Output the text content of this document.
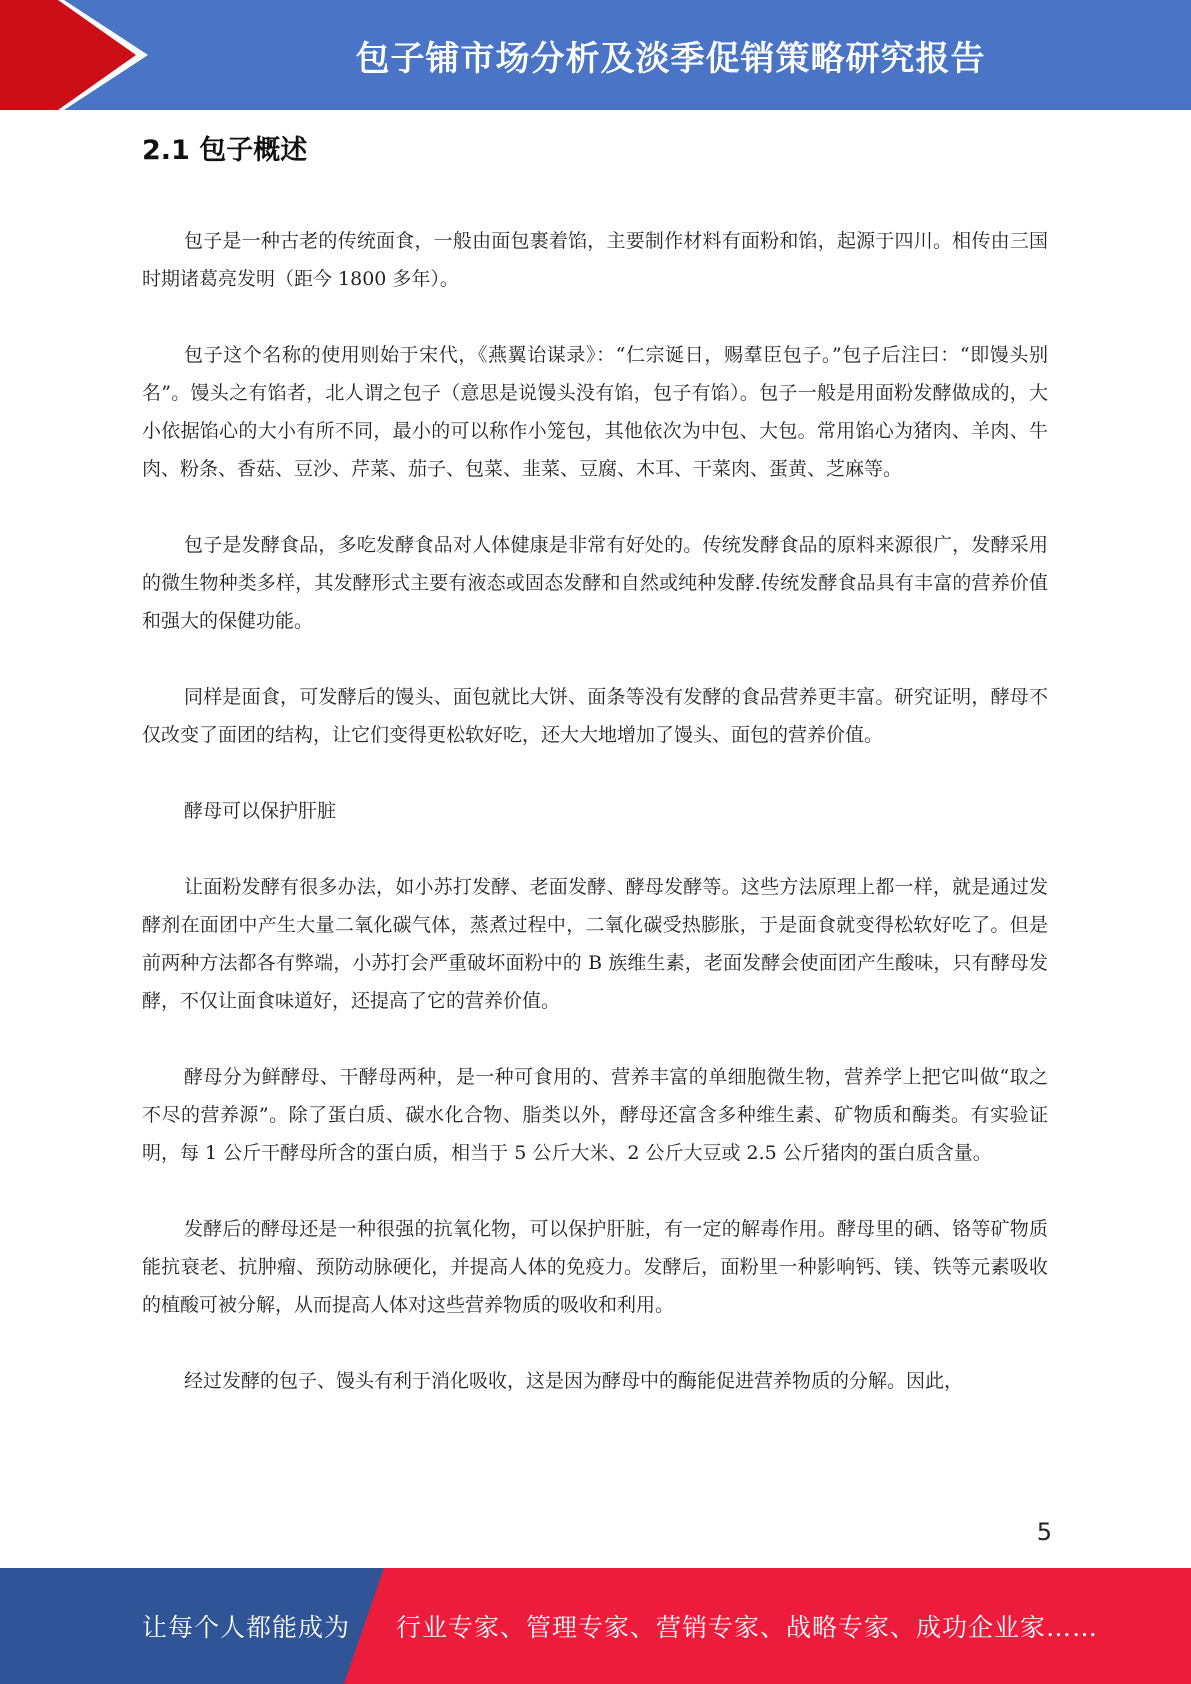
包子铺市场分析及淡季促销策略研究报告
2.1 包子概述

包子是一种古老的传统面食，一般由面包裹着馅，主要制作材料有面粉和馅，起源于四川。相传由三国时期诸葛亮发明（距今 1800 多年）。

包子这个名称的使用则始于宋代，《燕翼诒谋录》：“仁宗诞日，赐羣臣包子。”包子后注曰：“即馒头别名”。馒头之有馅者，北人谓之包子（意思是说馒头没有馅，包子有馅）。包子一般是用面粉发酵做成的，大小依据馅心的大小有所不同，最小的可以称作小笼包，其他依次为中包、大包。常用馅心为猪肉、羊肉、牛肉、粉条、香菇、豆沙、芹菜、茄子、包菜、韭菜、豆腐、木耳、干菜肉、蛋黄、芝麻等。

包子是发酵食品，多吃发酵食品对人体健康是非常有好处的。传统发酵食品的原料来源很广，发酵采用的微生物种类多样，其发酵形式主要有液态或固态发酵和自然或纯种发酵.传统发酵食品具有丰富的营养价值和强大的保健功能。

同样是面食，可发酵后的馒头、面包就比大饼、面条等没有发酵的食品营养更丰富。研究证明，酵母不仅改变了面团的结构，让它们变得更松软好吃，还大大地增加了馒头、面包的营养价值。

酵母可以保护肝脏

让面粉发酵有很多办法，如小苏打发酵、老面发酵、酵母发酵等。这些方法原理上都一样，就是通过发酵剂在面团中产生大量二氧化碳气体，蒸煮过程中，二氧化碳受热膨胀，于是面食就变得松软好吃了。但是前两种方法都各有弊端，小苏打会严重破坏面粉中的 B 族维生素，老面发酵会使面团产生酸味，只有酵母发酵，不仅让面食味道好，还提高了它的营养价值。

酵母分为鲜酵母、干酵母两种，是一种可食用的、营养丰富的单细胞微生物，营养学上把它叫做“取之不尽的营养源”。除了蛋白质、碳水化合物、脂类以外，酵母还富含多种维生素、矿物质和酶类。有实验证明，每 1 公斤干酵母所含的蛋白质，相当于 5 公斤大米、2 公斤大豆或 2.5 公斤猪肉的蛋白质含量。

发酵后的酵母还是一种很强的抗氧化物，可以保护肝脏，有一定的解毒作用。酵母里的硒、铬等矿物质能抗衰老、抗肿瘤、预防动脉硬化，并提高人体的免疫力。发酵后，面粉里一种影响钙、镁、铁等元素吸收的植酸可被分解，从而提高人体对这些营养物质的吸收和利用。

经过发酵的包子、馒头有利于消化吸收，这是因为酵母中的酶能促进营养物质的分解。因此，

5
让每个人都能成为 行业专家、管理专家、营销专家、战略专家、成功企业家……
